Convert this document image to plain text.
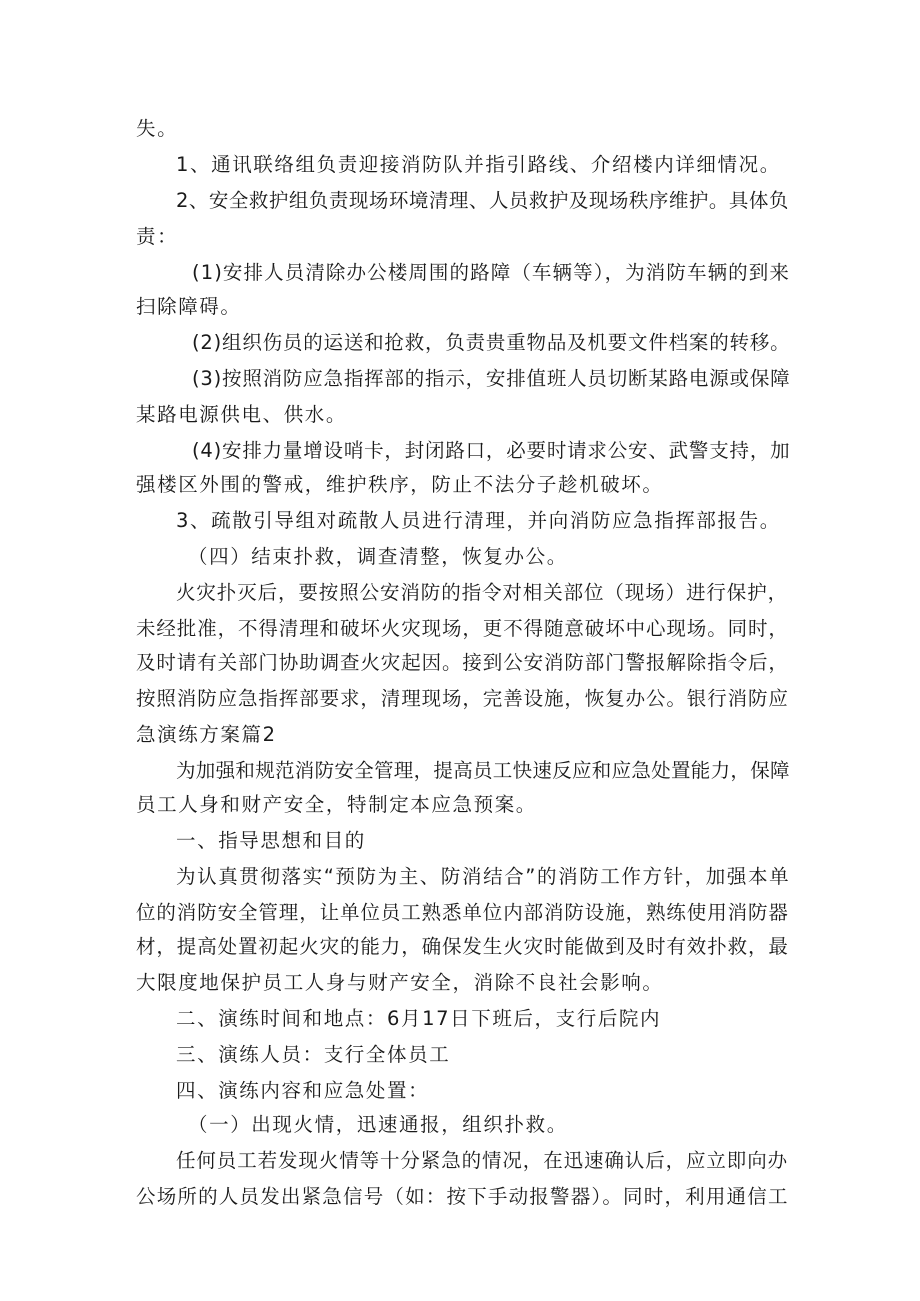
失。
1、通讯联络组负责迎接消防队并指引路线、介绍楼内详细情况。
2、安全救护组负责现场环境清理、人员救护及现场秩序维护。具体负
责：
(1)安排人员清除办公楼周围的路障（车辆等），为消防车辆的到来
扫除障碍。
(2)组织伤员的运送和抢救，负责贵重物品及机要文件档案的转移。
(3)按照消防应急指挥部的指示，安排值班人员切断某路电源或保障
某路电源供电、供水。
(4)安排力量增设哨卡，封闭路口，必要时请求公安、武警支持，加
强楼区外围的警戒，维护秩序，防止不法分子趁机破坏。
3、疏散引导组对疏散人员进行清理，并向消防应急指挥部报告。
（四）结束扑救，调查清整，恢复办公。
火灾扑灭后，要按照公安消防的指令对相关部位（现场）进行保护，
未经批准，不得清理和破坏火灾现场，更不得随意破坏中心现场。同时，
及时请有关部门协助调查火灾起因。接到公安消防部门警报解除指令后，
按照消防应急指挥部要求，清理现场，完善设施，恢复办公。银行消防应
急演练方案篇2
为加强和规范消防安全管理，提高员工快速反应和应急处置能力，保障
员工人身和财产安全，特制定本应急预案。
一、指导思想和目的
为认真贯彻落实“预防为主、防消结合”的消防工作方针，加强本单
位的消防安全管理，让单位员工熟悉单位内部消防设施，熟练使用消防器
材，提高处置初起火灾的能力，确保发生火灾时能做到及时有效扑救，最
大限度地保护员工人身与财产安全，消除不良社会影响。
二、演练时间和地点：6月17日下班后，支行后院内
三、演练人员：支行全体员工
四、演练内容和应急处置：
（一）出现火情，迅速通报，组织扑救。
任何员工若发现火情等十分紧急的情况，在迅速确认后，应立即向办
公场所的人员发出紧急信号（如：按下手动报警器）。同时，利用通信工
